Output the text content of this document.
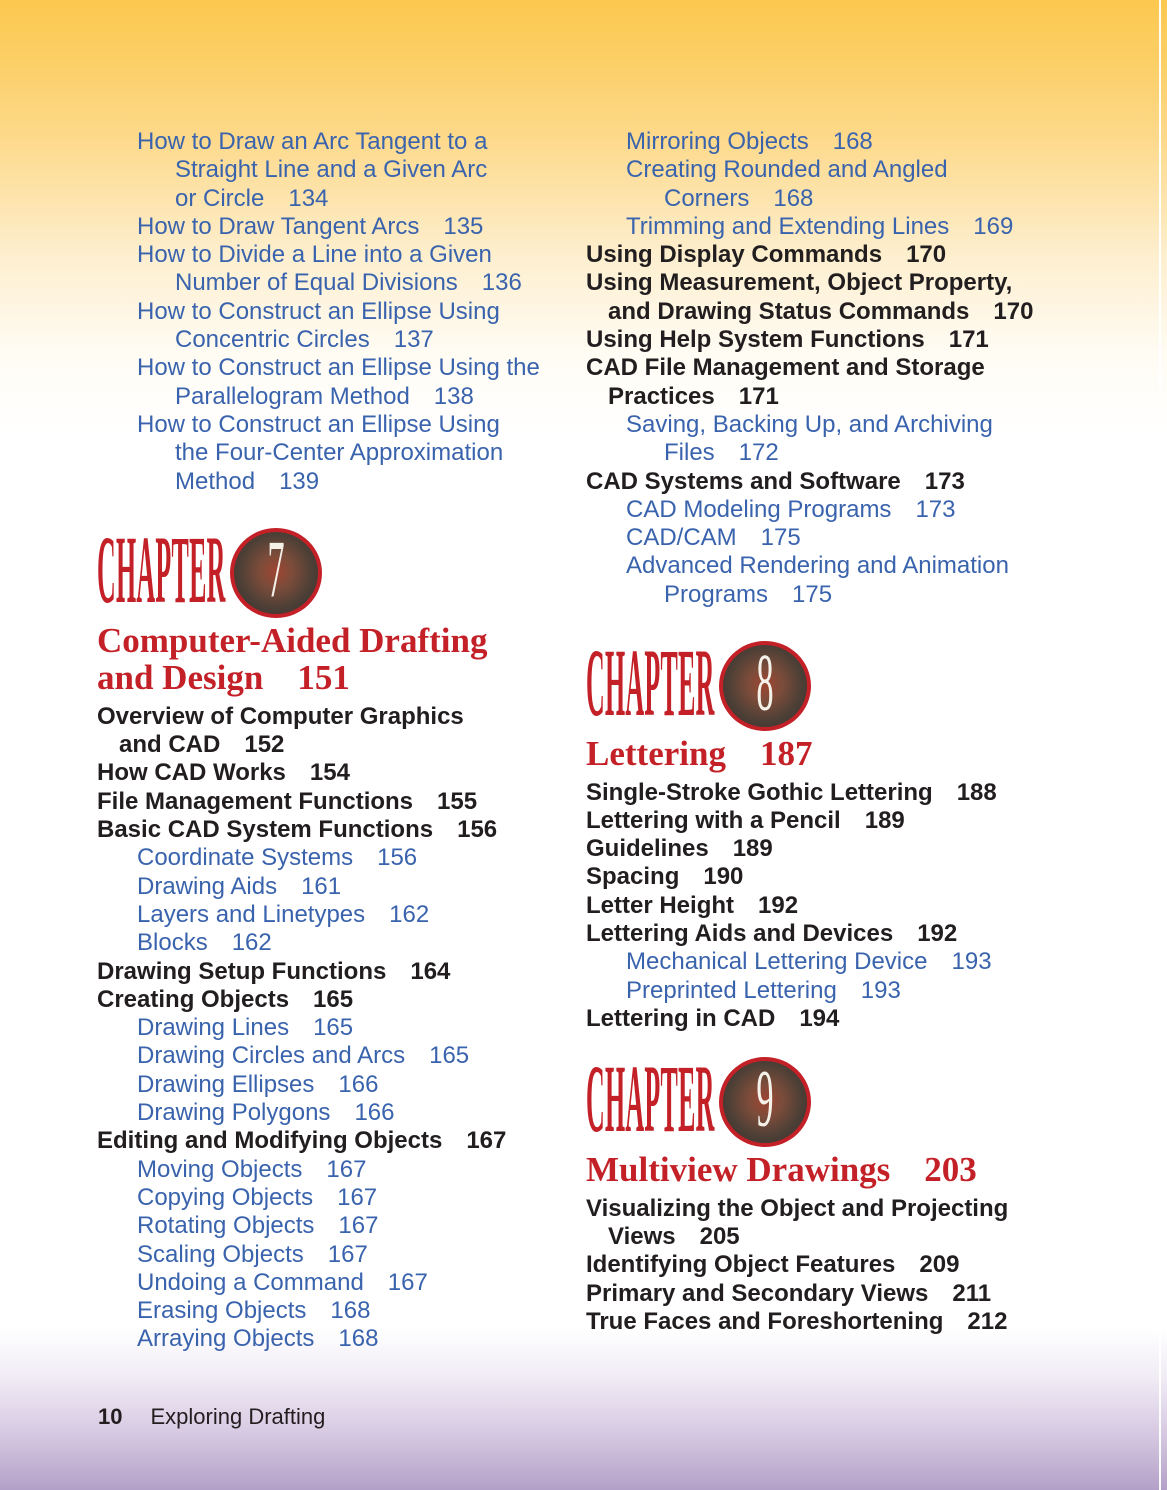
How to Draw an Arc Tangent to a
Straight Line and a Given Arc
or Circle 134
How to Draw Tangent Arcs 135
How to Divide a Line into a Given
Number of Equal Divisions 136
How to Construct an Ellipse Using
Concentric Circles 137
How to Construct an Ellipse Using the
Parallelogram Method 138
How to Construct an Ellipse Using
the Four-Center Approximation
Method 139
CHAPTER 7
Computer-Aided Drafting
and Design 151
Overview of Computer Graphics
and CAD 152
How CAD Works 154
File Management Functions 155
Basic CAD System Functions 156
Coordinate Systems 156
Drawing Aids 161
Layers and Linetypes 162
Blocks 162
Drawing Setup Functions 164
Creating Objects 165
Drawing Lines 165
Drawing Circles and Arcs 165
Drawing Ellipses 166
Drawing Polygons 166
Editing and Modifying Objects 167
Moving Objects 167
Copying Objects 167
Rotating Objects 167
Scaling Objects 167
Undoing a Command 167
Erasing Objects 168
Arraying Objects 168
Mirroring Objects 168
Creating Rounded and Angled
Corners 168
Trimming and Extending Lines 169
Using Display Commands 170
Using Measurement, Object Property,
and Drawing Status Commands 170
Using Help System Functions 171
CAD File Management and Storage
Practices 171
Saving, Backing Up, and Archiving
Files 172
CAD Systems and Software 173
CAD Modeling Programs 173
CAD/CAM 175
Advanced Rendering and Animation
Programs 175
CHAPTER 8
Lettering 187
Single-Stroke Gothic Lettering 188
Lettering with a Pencil 189
Guidelines 189
Spacing 190
Letter Height 192
Lettering Aids and Devices 192
Mechanical Lettering Device 193
Preprinted Lettering 193
Lettering in CAD 194
CHAPTER 9
Multiview Drawings 203
Visualizing the Object and Projecting
Views 205
Identifying Object Features 209
Primary and Secondary Views 211
True Faces and Foreshortening 212
10 Exploring Drafting
